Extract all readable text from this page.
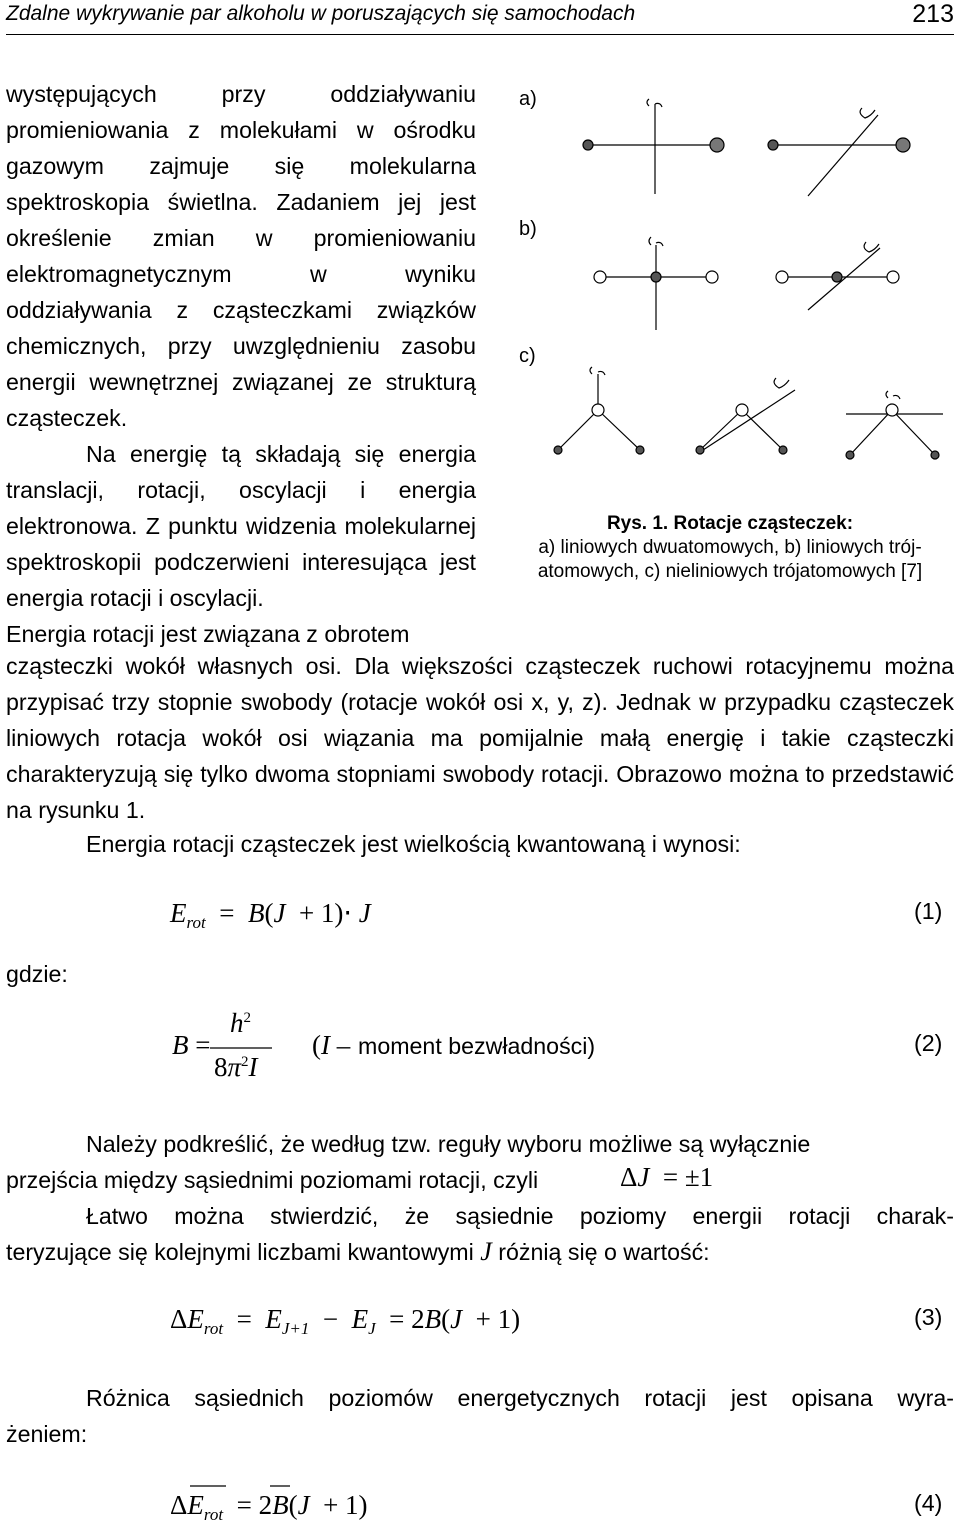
Zdalne wykrywanie par alkoholu w poruszających się samochodach	213

występujących przy oddziaływaniu promieniowania z molekułami w ośrodku gazowym zajmuje się molekularna spektroskopia świetlna. Zadaniem jej jest określenie zmian w promieniowaniu elektromagnetycznym w wyniku oddziaływania z cząsteczkami związków chemicznych, przy uwzględnieniu zasobu energii wewnętrznej związanej ze strukturą cząsteczek.

Na energię tą składają się energia translacji, rotacji, oscylacji i energia elektronowa. Z punktu widzenia molekularnej spektroskopii podczerwieni interesująca jest energia rotacji i oscylacji.

Energia rotacji jest związana z obrotem

a)
b)
c)
Rys. 1. Rotacje cząsteczek:
a) liniowych dwuatomowych, b) liniowych trój-atomowych, c) nieliniowych trójatomowych [7]
cząsteczki wokół własnych osi. Dla większości cząsteczek ruchowi rotacyjnemu można przypisać trzy stopnie swobody (rotacje wokół osi x, y, z). Jednak w przypadku cząsteczek liniowych rotacja wokół osi wiązania ma pomijalnie małą energię i takie cząsteczki charakteryzują się tylko dwoma stopniami swobody rotacji. Obrazowo można to przedstawić na rysunku 1.
Energia rotacji cząsteczek jest wielkością kwantowaną i wynosi:
$E_{rot} = B(J + 1)\cdot J$	(1)
gdzie:
B =
$h^2$
$8\pi^2I$
(I – moment bezwładności)	(2)
Należy podkreślić, że według tzw. reguły wyboru możliwe są wyłącznie
przejścia między sąsiednimi poziomami rotacji, czyli	ΔJ  = ±1
Łatwo można stwierdzić, że sąsiednie poziomy energii rotacji charak-
teryzujące się kolejnymi liczbami kwantowymi J różnią się o wartość:
$\Delta E_{rot} = E_{J+1} - E_J = 2B(J + 1)$	(3)
Różnica sąsiednich poziomów energetycznych rotacji jest opisana wyra-
żeniem:
$\Delta E_{rot} = 2B(J + 1)$	(4)
